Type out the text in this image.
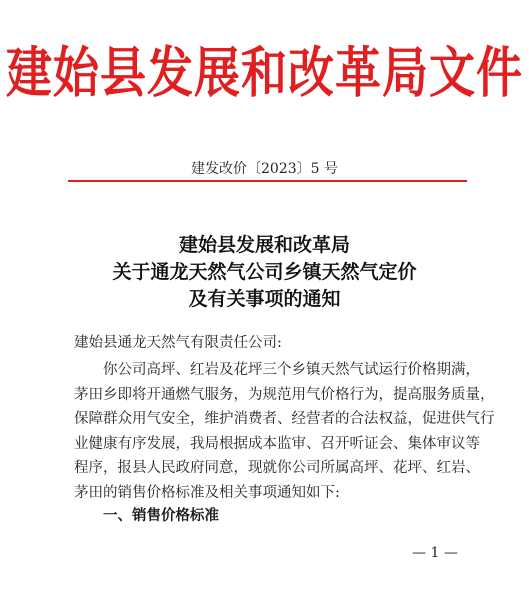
建始县发展和改革局文件
建发改价〔2023〕5 号
建始县发展和改革局
关于通龙天然气公司乡镇天然气定价
及有关事项的通知
建始县通龙天然气有限责任公司:
你公司高坪、红岩及花坪三个乡镇天然气试运行价格期满，
茅田乡即将开通燃气服务，为规范用气价格行为，提高服务质量，
保障群众用气安全，维护消费者、经营者的合法权益，促进供气行
业健康有序发展，我局根据成本监审、召开听证会、集体审议等
程序，报县人民政府同意，现就你公司所属高坪、花坪、红岩、
茅田的销售价格标准及相关事项通知如下:
一、销售价格标准
— 1 —
